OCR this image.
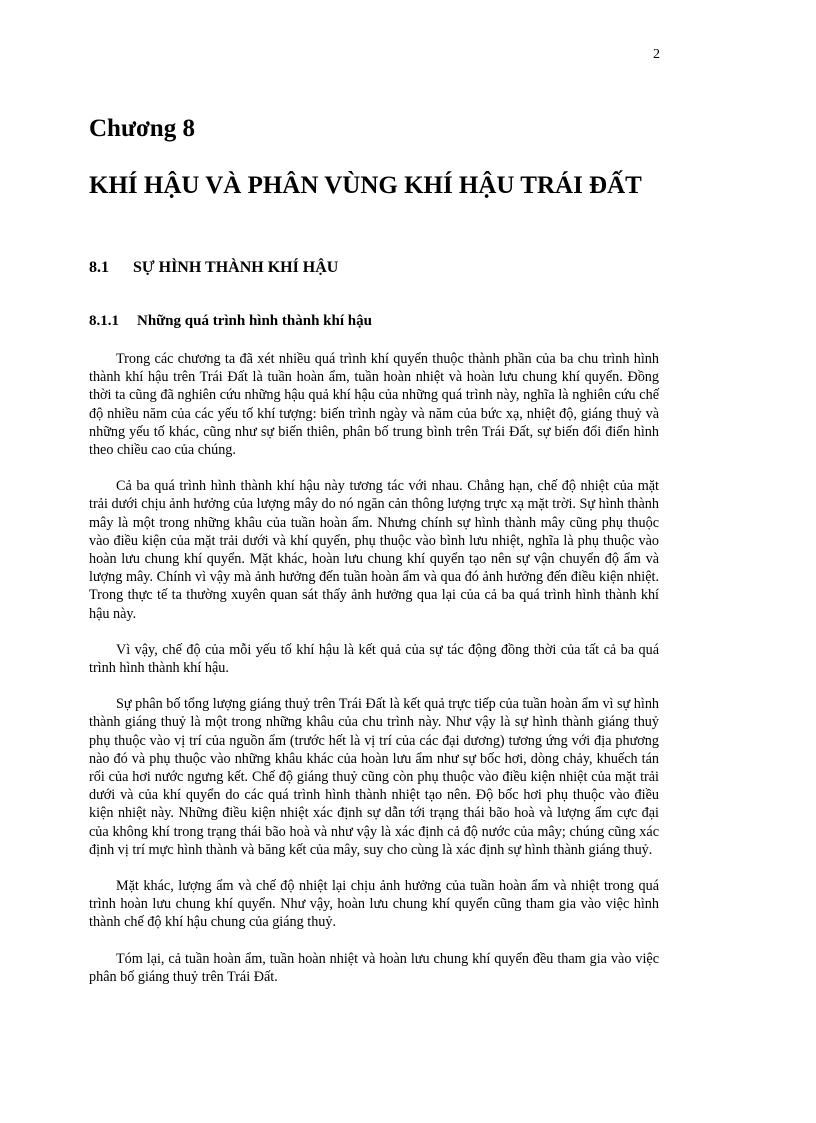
2
Chương 8
KHÍ HẬU VÀ PHÂN VÙNG KHÍ HẬU TRÁI ĐẤT
8.1 SỰ HÌNH THÀNH KHÍ HẬU
8.1.1 Những quá trình hình thành khí hậu

Trong các chương ta đã xét nhiều quá trình khí quyển thuộc thành phần của ba chu trình hình thành khí hậu trên Trái Đất là tuần hoàn ẩm, tuần hoàn nhiệt và hoàn lưu chung khí quyển. Đồng thời ta cũng đã nghiên cứu những hậu quả khí hậu của những quá trình này, nghĩa là nghiên cứu chế độ nhiều năm của các yếu tố khí tượng: biến trình ngày và năm của bức xạ, nhiệt độ, giáng thuỷ và những yếu tố khác, cũng như sự biến thiên, phân bố trung bình trên Trái Đất, sự biến đổi điển hình theo chiều cao của chúng.

Cả ba quá trình hình thành khí hậu này tương tác với nhau. Chẳng hạn, chế độ nhiệt của mặt trải dưới chịu ảnh hưởng của lượng mây do nó ngăn cản thông lượng trực xạ mặt trời. Sự hình thành mây là một trong những khâu của tuần hoàn ẩm. Nhưng chính sự hình thành mây cũng phụ thuộc vào điều kiện của mặt trải dưới và khí quyển, phụ thuộc vào bình lưu nhiệt, nghĩa là phụ thuộc vào hoàn lưu chung khí quyển. Mặt khác, hoàn lưu chung khí quyển tạo nên sự vận chuyển độ ẩm và lượng mây. Chính vì vậy mà ảnh hưởng đến tuần hoàn ẩm và qua đó ảnh hưởng đến điều kiện nhiệt. Trong thực tế ta thường xuyên quan sát thấy ảnh hưởng qua lại của cả ba quá trình hình thành khí hậu này.

Vì vậy, chế độ của mỗi yếu tố khí hậu là kết quả của sự tác động đồng thời của tất cả ba quá trình hình thành khí hậu.

Sự phân bố tổng lượng giáng thuỷ trên Trái Đất là kết quả trực tiếp của tuần hoàn ẩm vì sự hình thành giáng thuỷ là một trong những khâu của chu trình này. Như vậy là sự hình thành giáng thuỷ phụ thuộc vào vị trí của nguồn ẩm (trước hết là vị trí của các đại dương) tương ứng với địa phương nào đó và phụ thuộc vào những khâu khác của hoàn lưu ẩm như sự bốc hơi, dòng chảy, khuếch tán rối của hơi nước ngưng kết. Chế độ giáng thuỷ cũng còn phụ thuộc vào điều kiện nhiệt của mặt trải dưới và của khí quyển do các quá trình hình thành nhiệt tạo nên. Độ bốc hơi phụ thuộc vào điều kiện nhiệt này. Những điều kiện nhiệt xác định sự dẫn tới trạng thái bão hoà và lượng ẩm cực đại của không khí trong trạng thái bão hoà và như vậy là xác định cả độ nước của mây; chúng cũng xác định vị trí mực hình thành và băng kết của mây, suy cho cùng là xác định sự hình thành giáng thuỷ.

Mặt khác, lượng ẩm và chế độ nhiệt lại chịu ảnh hưởng của tuần hoàn ẩm và nhiệt trong quá trình hoàn lưu chung khí quyển. Như vậy, hoàn lưu chung khí quyển cũng tham gia vào việc hình thành chế độ khí hậu chung của giáng thuỷ.

Tóm lại, cả tuần hoàn ẩm, tuần hoàn nhiệt và hoàn lưu chung khí quyển đều tham gia vào việc phân bố giáng thuỷ trên Trái Đất.
